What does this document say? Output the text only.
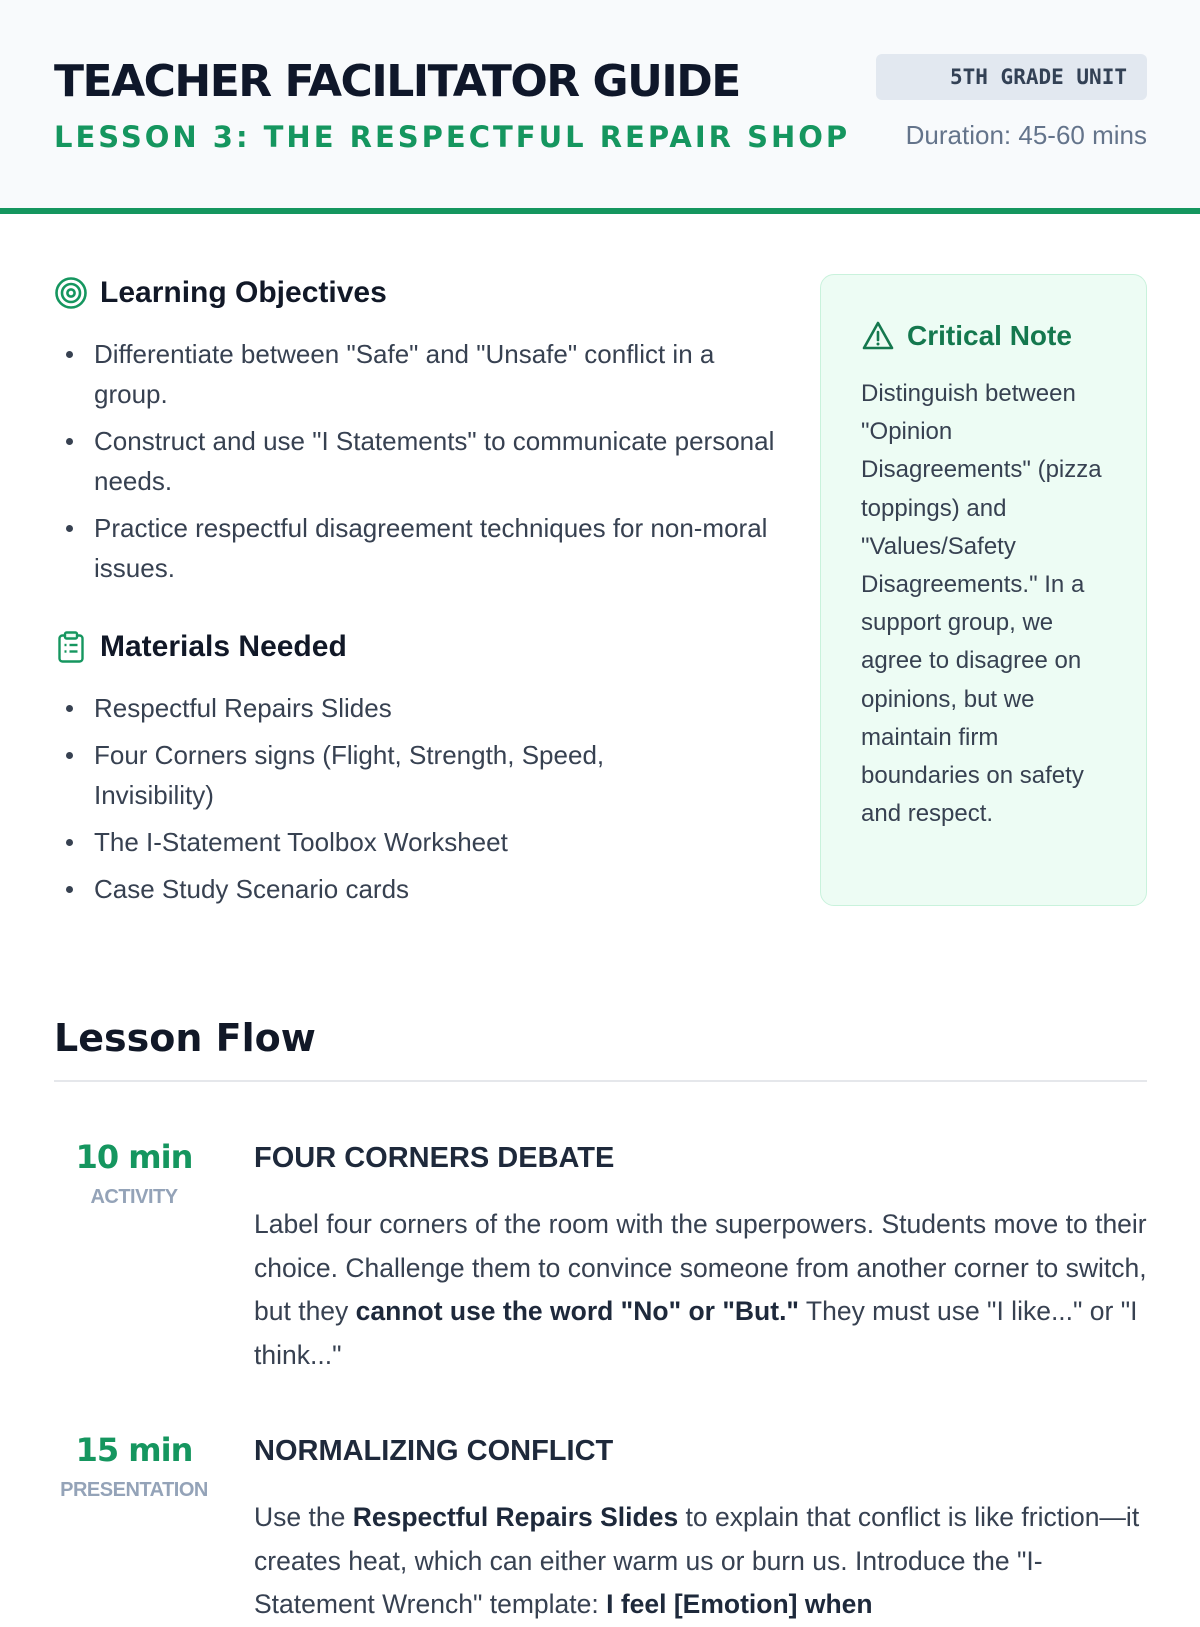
TEACHER FACILITATOR GUIDE
LESSON 3: THE RESPECTFUL REPAIR SHOP
5TH GRADE UNIT
Duration: 45-60 mins
Learning Objectives
Differentiate between "Safe" and "Unsafe" conflict in a group.
Construct and use "I Statements" to communicate personal needs.
Practice respectful disagreement techniques for non-moral issues.
Materials Needed
Respectful Repairs Slides
Four Corners signs (Flight, Strength, Speed, Invisibility)
The I-Statement Toolbox Worksheet
Case Study Scenario cards
Critical Note
Distinguish between "Opinion Disagreements" (pizza toppings) and "Values/Safety Disagreements." In a support group, we agree to disagree on opinions, but we maintain firm boundaries on safety and respect.
Lesson Flow
10 min
ACTIVITY
FOUR CORNERS DEBATE
Label four corners of the room with the superpowers. Students move to their choice. Challenge them to convince someone from another corner to switch, but they cannot use the word "No" or "But." They must use "I like..." or "I think..."
15 min
PRESENTATION
NORMALIZING CONFLICT
Use the Respectful Repairs Slides to explain that conflict is like friction—it creates heat, which can either warm us or burn us. Introduce the "I-Statement Wrench" template: I feel [Emotion] when
